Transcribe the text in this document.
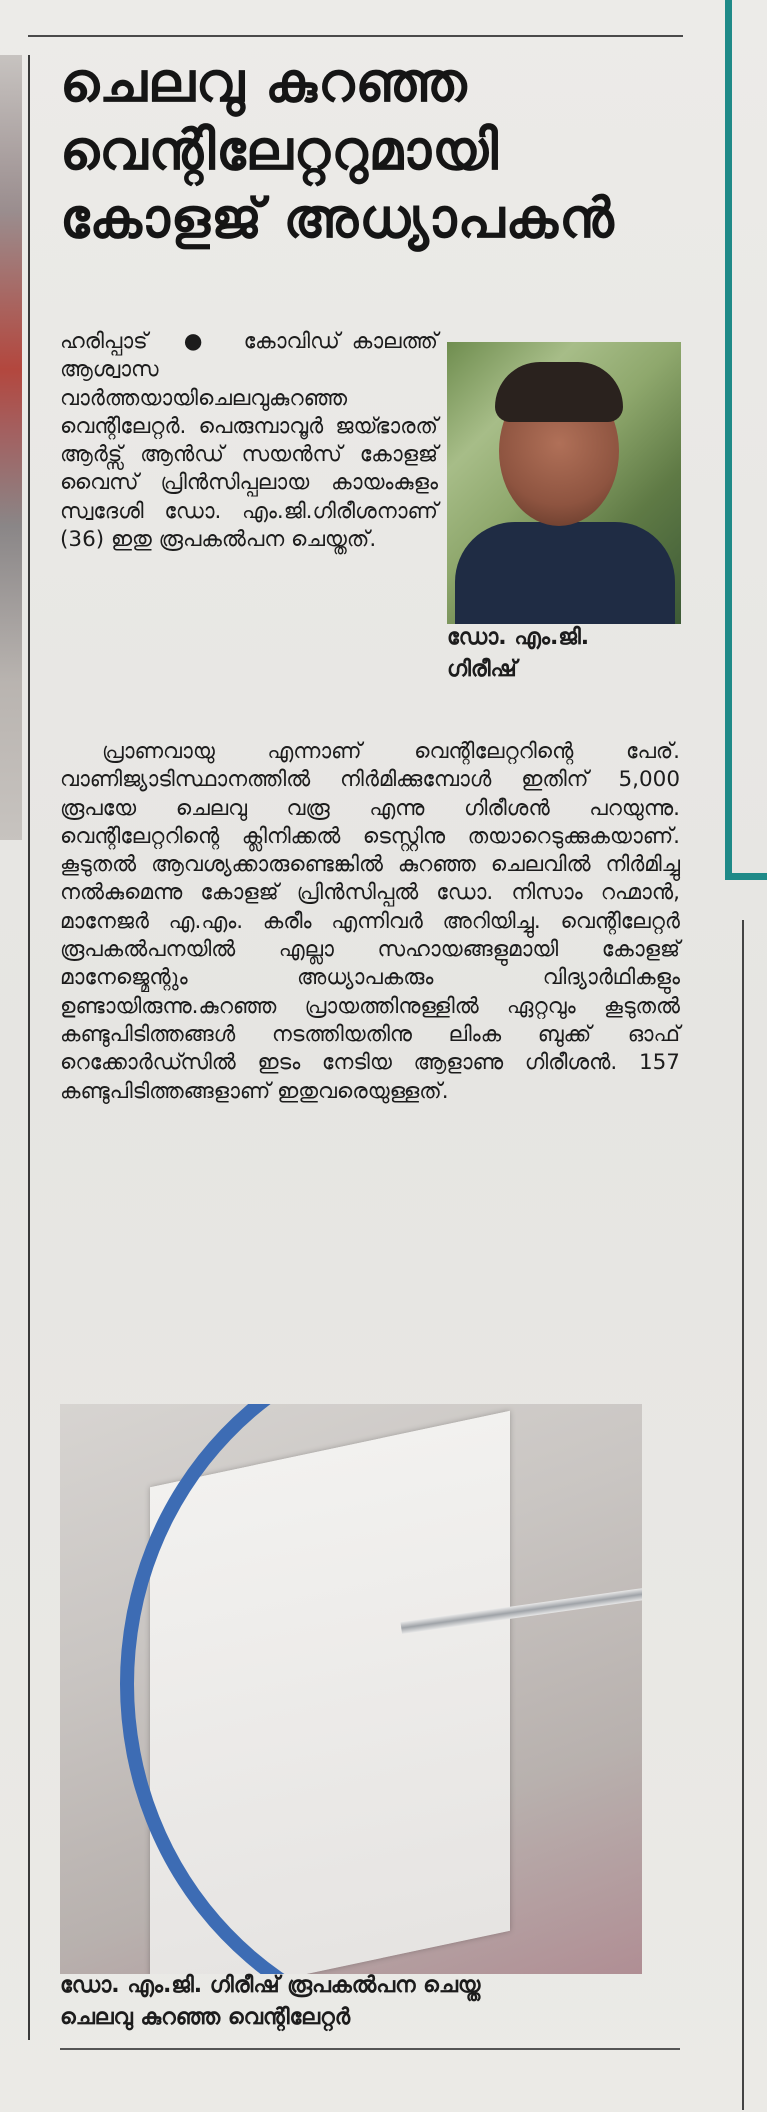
ചെലവു കുറഞ്ഞ
വെന്റിലേറ്ററുമായി
കോളജ് അധ്യാപകൻ

ഹരിപ്പാട്   ●   കോവിഡ് കാലത്ത് ആശ്വാസ വാർത്തയായിചെലവുകുറഞ്ഞ വെന്റിലേറ്റർ. പെരുമ്പാവൂർ ജയ്ഭാരത് ആർട്സ് ആൻഡ് സയൻസ് കോളജ് വൈസ് പ്രിൻസിപ്പലായ കായംകുളം സ്വദേശി ഡോ. എം.ജി.ഗിരീശനാണ് (36) ഇതു രൂപകൽപന ചെയ്തത്.

ഡോ. എം.ജി.
ഗിരീഷ്

പ്രാണവായു എന്നാണ് വെന്റിലേറ്ററിന്റെ പേര്. വാണിജ്യാടിസ്ഥാനത്തിൽ നിർമിക്കുമ്പോൾ ഇതിന് 5,000 രൂപയേ ചെലവു വരൂ എന്നു ഗിരീശൻ പറയുന്നു. വെന്റിലേറ്ററിന്റെ ക്ലിനിക്കൽ ടെസ്റ്റിനു തയാറെടുക്കുകയാണ്. കൂടുതൽ ആവശ്യക്കാരുണ്ടെങ്കിൽ കുറഞ്ഞ ചെലവിൽ നിർമിച്ചു നൽകുമെന്നു കോളജ് പ്രിൻസിപ്പൽ ഡോ. നിസാം റഹ്മാൻ, മാനേജർ എ.എം. കരീം എന്നിവർ അറിയിച്ചു. വെന്റിലേറ്റർ രൂപകൽപനയിൽ എല്ലാ സഹായങ്ങളുമായി കോളജ് മാനേജ്മെന്റും അധ്യാപകരും വിദ്യാർഥികളും ഉണ്ടായിരുന്നു.കുറഞ്ഞ പ്രായത്തിനുള്ളിൽ ഏറ്റവും കൂടുതൽ കണ്ടുപിടിത്തങ്ങൾ നടത്തിയതിനു ലിംക ബുക്ക് ഓഫ് റെക്കോർഡ്സിൽ ഇടം നേടിയ ആളാണു ഗിരീശൻ. 157 കണ്ടുപിടിത്തങ്ങളാണ് ഇതുവരെയുള്ളത്.

ഡോ. എം.ജി. ഗിരീഷ് രൂപകൽപന ചെയ്ത
ചെലവു കുറഞ്ഞ വെന്റിലേറ്റർ
